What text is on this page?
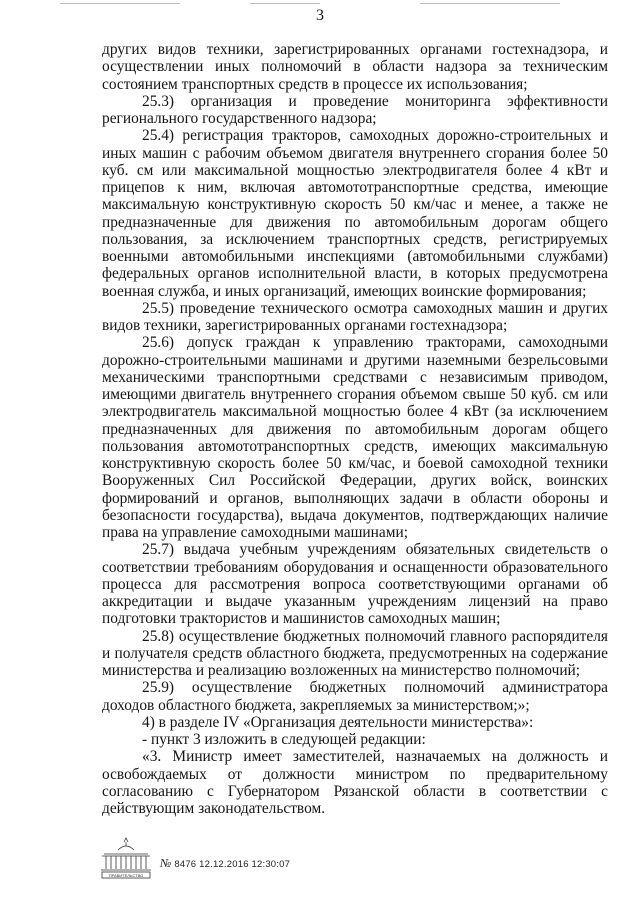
3

других видов техники, зарегистрированных органами гостехнадзора, и осуществлении иных полномочий в области надзора за техническим состоянием транспортных средств в процессе их использования;

25.3) организация и проведение мониторинга эффективности регионального государственного надзора;

25.4) регистрация тракторов, самоходных дорожно-строительных и иных машин с рабочим объемом двигателя внутреннего сгорания более 50 куб. см или максимальной мощностью электродвигателя более 4 кВт и прицепов к ним, включая автомототранспортные средства, имеющие максимальную конструктивную скорость 50 км/час и менее, а также не предназначенные для движения по автомобильным дорогам общего пользования, за исключением транспортных средств, регистрируемых военными автомобильными инспекциями (автомобильными службами) федеральных органов исполнительной власти, в которых предусмотрена военная служба, и иных организаций, имеющих воинские формирования;

25.5) проведение технического осмотра самоходных машин и других видов техники, зарегистрированных органами гостехнадзора;

25.6) допуск граждан к управлению тракторами, самоходными дорожно-строительными машинами и другими наземными безрельсовыми механическими транспортными средствами с независимым приводом, имеющими двигатель внутреннего сгорания объемом свыше 50 куб. см или электродвигатель максимальной мощностью более 4 кВт (за исключением предназначенных для движения по автомобильным дорогам общего пользования автомототранспортных средств, имеющих максимальную конструктивную скорость более 50 км/час, и боевой самоходной техники Вооруженных Сил Российской Федерации, других войск, воинских формирований и органов, выполняющих задачи в области обороны и безопасности государства), выдача документов, подтверждающих наличие права на управление самоходными машинами;

25.7) выдача учебным учреждениям обязательных свидетельств о соответствии требованиям оборудования и оснащенности образовательного процесса для рассмотрения вопроса соответствующими органами об аккредитации и выдаче указанным учреждениям лицензий на право подготовки трактористов и машинистов самоходных машин;

25.8) осуществление бюджетных полномочий главного распорядителя и получателя средств областного бюджета, предусмотренных на содержание министерства и реализацию возложенных на министерство полномочий;

25.9) осуществление бюджетных полномочий администратора доходов областного бюджета, закрепляемых за министерством;»;

4) в разделе IV «Организация деятельности министерства»:

- пункт 3 изложить в следующей редакции:

«3. Министр имеет заместителей, назначаемых на должность и освобождаемых от должности министром по предварительному согласованию с Губернатором Рязанской области в соответствии с действующим законодательством.

ПРАВИТЕЛЬСТВО
№ 8476 12.12.2016 12:30:07
